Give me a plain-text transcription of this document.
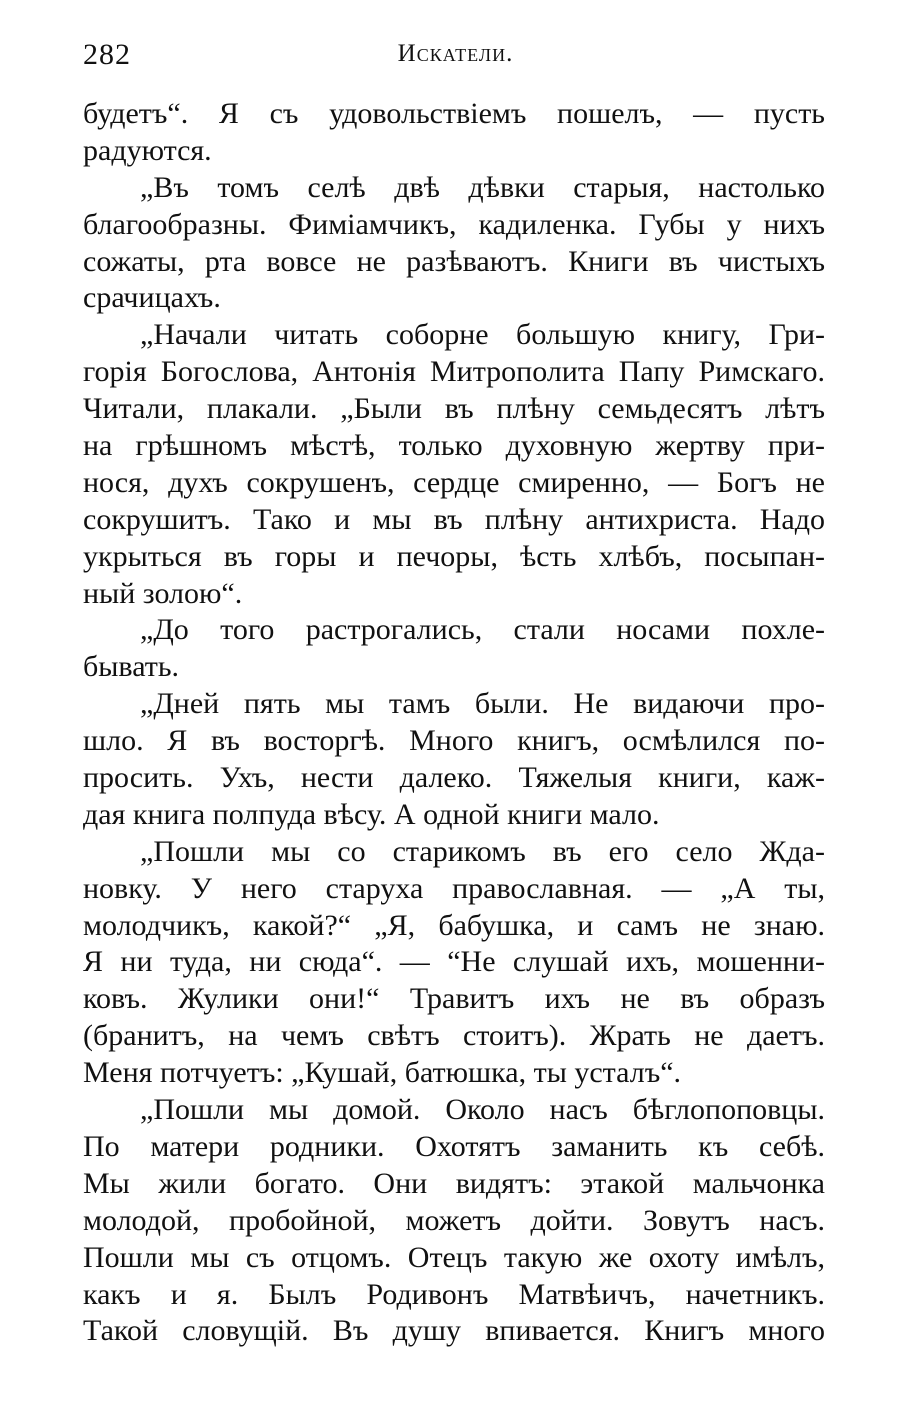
282	Искатели.
будетъ“. Я съ удовольствіемъ пошелъ, — пусть
радуются.
„Въ томъ селѣ двѣ дѣвки старыя, настолько
благообразны. Фиміамчикъ, кадиленка. Губы у нихъ
сожаты, рта вовсе не разѣваютъ. Книги въ чистыхъ
срачицахъ.
„Начали читать соборне большую книгу, Гри-
горія Богослова, Антонія Митрополита Папу Римскаго.
Читали, плакали. „Были въ плѣну семьдесятъ лѣтъ
на грѣшномъ мѣстѣ, только духовную жертву при-
нося, духъ сокрушенъ, сердце смиренно, — Богъ не
сокрушитъ. Тако и мы въ плѣну антихриста. Надо
укрыться въ горы и печоры, ѣсть хлѣбъ, посыпан-
ный золою“.
„До того растрогались, стали носами похле-
бывать.
„Дней пять мы тамъ были. Не видаючи про-
шло. Я въ восторгѣ. Много книгъ, осмѣлился по-
просить. Ухъ, нести далеко. Тяжелыя книги, каж-
дая книга полпуда вѣсу. А одной книги мало.
„Пошли мы со старикомъ въ его село Жда-
новку. У него старуха православная. — „А ты,
молодчикъ, какой?“ „Я, бабушка, и самъ не знаю.
Я ни туда, ни сюда“. — “Не слушай ихъ, мошенни-
ковъ. Жулики они!“ Травитъ ихъ не въ образъ
(бранитъ, на чемъ свѣтъ стоитъ). Жрать не даетъ.
Меня потчуетъ: „Кушай, батюшка, ты усталъ“.
„Пошли мы домой. Около насъ бѣглопоповцы.
По матери родники. Охотятъ заманить къ себѣ.
Мы жили богато. Они видятъ: этакой мальчонка
молодой, пробойной, можетъ дойти. Зовутъ насъ.
Пошли мы съ отцомъ. Отецъ такую же охоту имѣлъ,
какъ и я. Былъ Родивонъ Матвѣичъ, начетникъ.
Такой словущій. Въ душу впивается. Книгъ много
